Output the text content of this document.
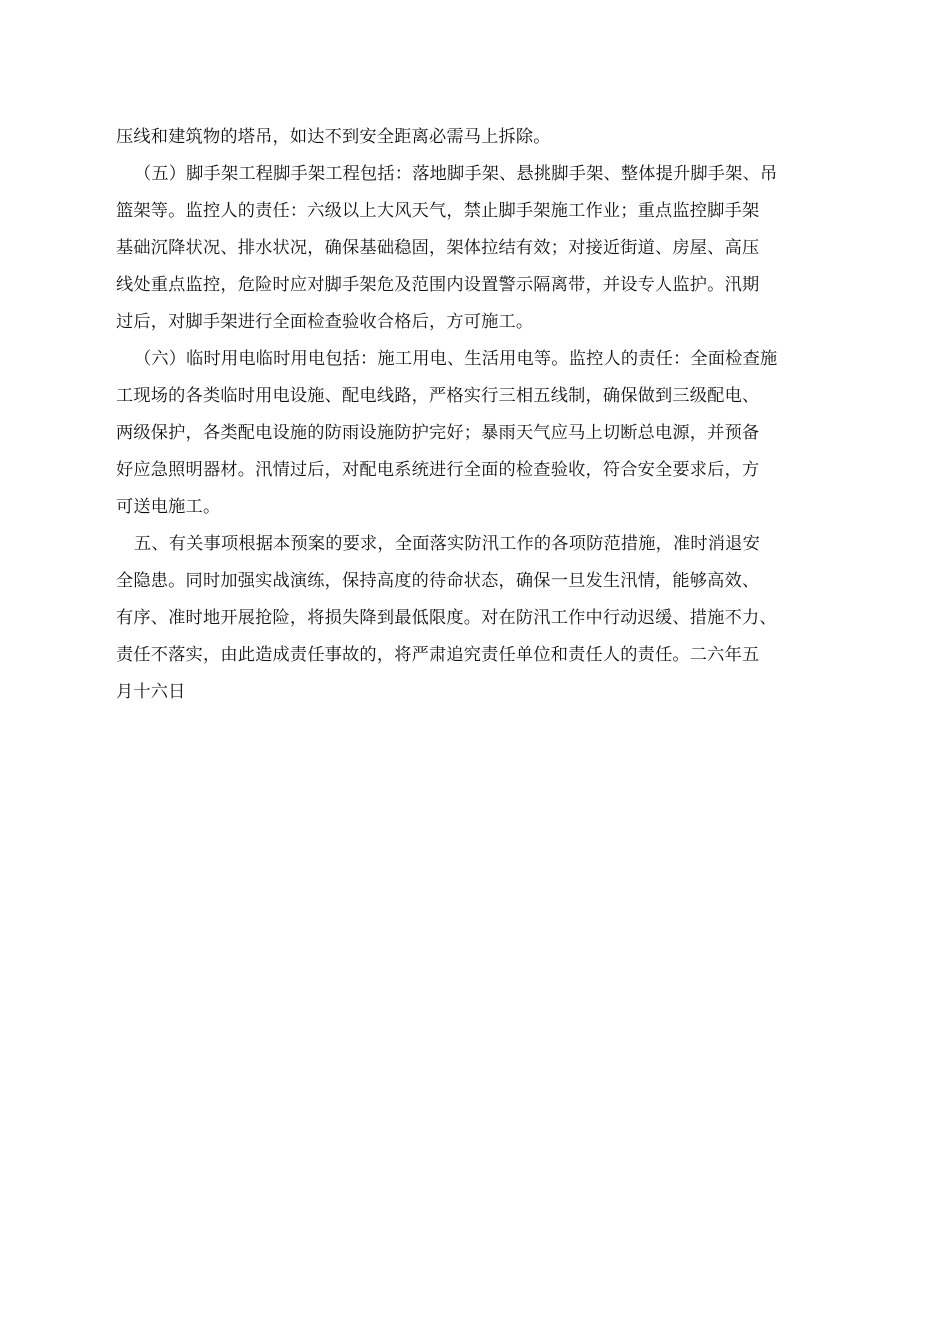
压线和建筑物的塔吊，如达不到安全距离必需马上拆除。
（五）脚手架工程脚手架工程包括：落地脚手架、悬挑脚手架、整体提升脚手架、吊
篮架等。监控人的责任：六级以上大风天气，禁止脚手架施工作业；重点监控脚手架
基础沉降状况、排水状况，确保基础稳固，架体拉结有效；对接近街道、房屋、高压
线处重点监控，危险时应对脚手架危及范围内设置警示隔离带，并设专人监护。汛期
过后，对脚手架进行全面检查验收合格后，方可施工。
（六）临时用电临时用电包括：施工用电、生活用电等。监控人的责任：全面检查施
工现场的各类临时用电设施、配电线路，严格实行三相五线制，确保做到三级配电、
两级保护，各类配电设施的防雨设施防护完好；暴雨天气应马上切断总电源，并预备
好应急照明器材。汛情过后，对配电系统进行全面的检查验收，符合安全要求后，方
可送电施工。
五、有关事项根据本预案的要求，全面落实防汛工作的各项防范措施，准时消退安
全隐患。同时加强实战演练，保持高度的待命状态，确保一旦发生汛情，能够高效、
有序、准时地开展抢险，将损失降到最低限度。对在防汛工作中行动迟缓、措施不力、
责任不落实，由此造成责任事故的，将严肃追究责任单位和责任人的责任。二六年五
月十六日
